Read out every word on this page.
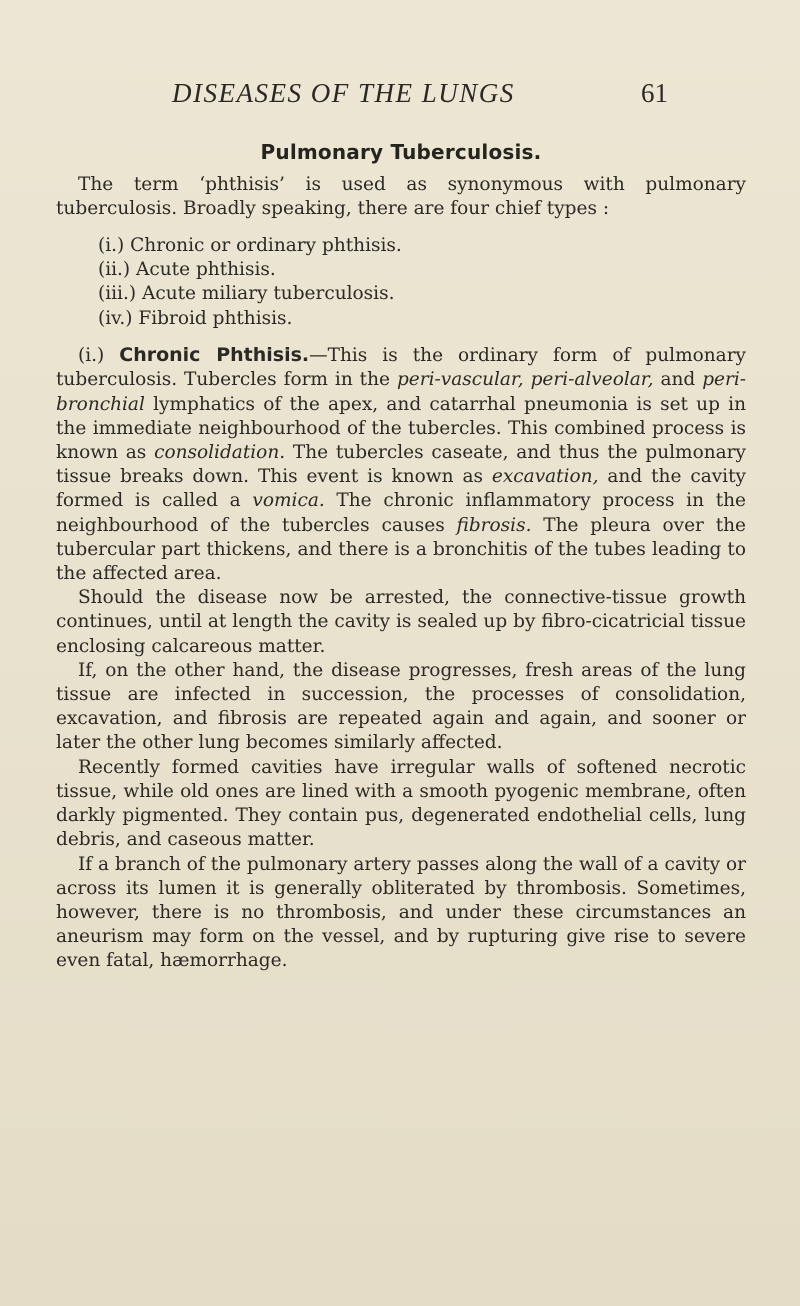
DISEASES OF THE LUNGS	61
Pulmonary Tuberculosis.

The term ‘phthisis’ is used as synonymous with pulmonary tuberculosis. Broadly speaking, there are four chief types :

(i.) Chronic or ordinary phthisis.
(ii.) Acute phthisis.
(iii.) Acute miliary tuberculosis.
(iv.) Fibroid phthisis.

(i.) Chronic Phthisis.—This is the ordinary form of pulmonary tuberculosis. Tubercles form in the peri-vascular, peri-alveolar, and peri-bronchial lymphatics of the apex, and catarrhal pneumonia is set up in the immediate neighbourhood of the tubercles. This combined process is known as consolidation. The tubercles caseate, and thus the pulmonary tissue breaks down. This event is known as excavation, and the cavity formed is called a vomica. The chronic inflammatory process in the neighbourhood of the tubercles causes fibrosis. The pleura over the tubercular part thickens, and there is a bronchitis of the tubes leading to the affected area.

Should the disease now be arrested, the connective-tissue growth continues, until at length the cavity is sealed up by fibro-cicatricial tissue enclosing calcareous matter.

If, on the other hand, the disease progresses, fresh areas of the lung tissue are infected in succession, the processes of consolidation, excavation, and fibrosis are repeated again and again, and sooner or later the other lung becomes similarly affected.

Recently formed cavities have irregular walls of softened necrotic tissue, while old ones are lined with a smooth pyogenic membrane, often darkly pigmented. They contain pus, degenerated endothelial cells, lung debris, and caseous matter.

If a branch of the pulmonary artery passes along the wall of a cavity or across its lumen it is generally obliterated by thrombosis. Sometimes, however, there is no thrombosis, and under these circumstances an aneurism may form on the vessel, and by rupturing give rise to severe even fatal, hæmorrhage.
